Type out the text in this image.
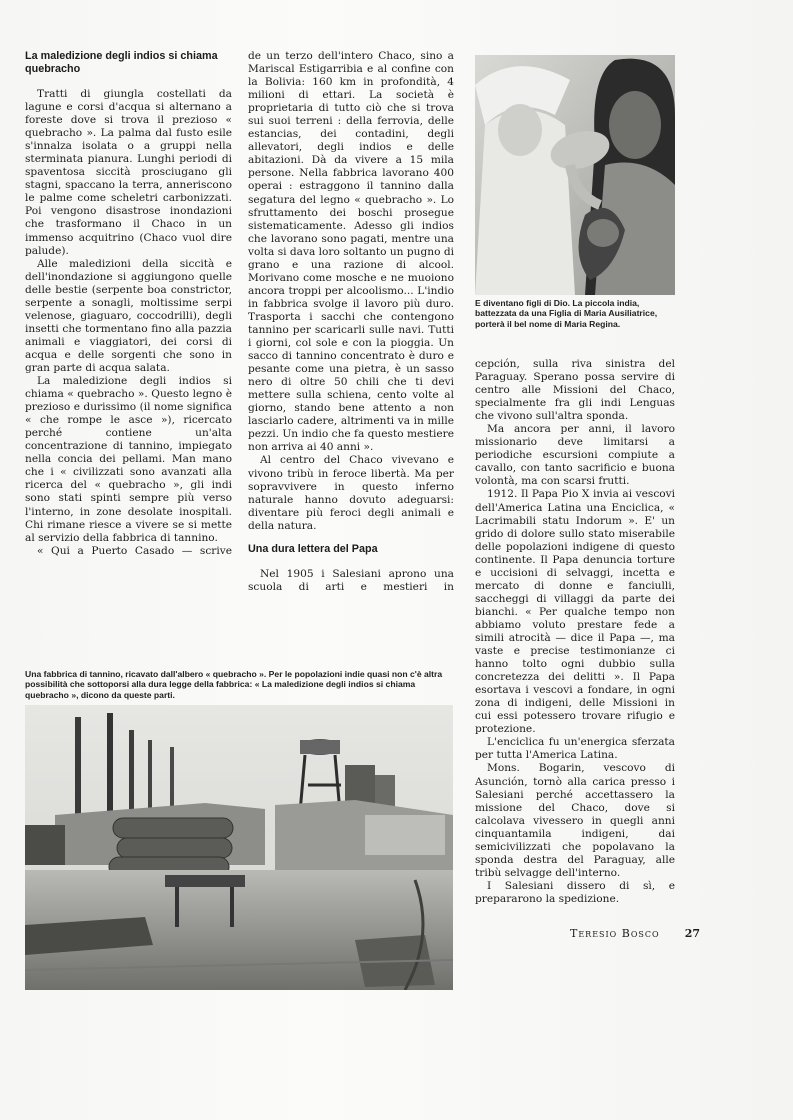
La maledizione degli indios si chiama quebracho

Tratti di giungla costellati da lagune e corsi d'acqua si alternano a foreste dove si trova il prezioso « quebracho ». La palma dal fusto esile s'innalza isolata o a gruppi nella sterminata pianura. Lunghi periodi di spaventosa siccità prosciugano gli stagni, spaccano la terra, anneriscono le palme come scheletri carbonizzati. Poi vengono disastrose inondazioni che trasformano il Chaco in un immenso acquitrino (Chaco vuol dire palude).

Alle maledizioni della siccità e dell'inondazione si aggiungono quelle delle bestie (serpente boa constrictor, serpente a sonagli, moltissime serpi velenose, giaguaro, coccodrilli), degli insetti che tormentano fino alla pazzia animali e viaggiatori, dei corsi di acqua e delle sorgenti che sono in gran parte di acqua salata.

La maledizione degli indios si chiama « quebracho ». Questo legno è prezioso e durissimo (il nome significa « che rompe le asce »), ricercato perché contiene un'alta concentrazione di tannino, impiegato nella concia dei pellami. Man mano che i « civilizzati sono avanzati alla ricerca del « quebracho », gli indi sono stati spinti sempre più verso l'interno, in zone desolate inospitali. Chi rimane riesce a vivere se si mette al servizio della fabbrica di tannino.

« Qui a Puerto Casado — scrive

de un terzo dell'intero Chaco, sino a Mariscal Estigarribia e al confine con la Bolivia: 160 km in profondità, 4 milioni di ettari. La società è proprietaria di tutto ciò che si trova sui suoi terreni : della ferrovia, delle estancias, dei contadini, degli allevatori, degli indios e delle abitazioni. Dà da vivere a 15 mila persone. Nella fabbrica lavorano 400 operai : estraggono il tannino dalla segatura del legno « quebracho ». Lo sfruttamento dei boschi prosegue sistematicamente. Adesso gli indios che lavorano sono pagati, mentre una volta si dava loro soltanto un pugno di grano e una razione di alcool. Morivano come mosche e ne muoiono ancora troppi per alcoolismo... L'indio in fabbrica svolge il lavoro più duro. Trasporta i sacchi che contengono tannino per scaricarli sulle navi. Tutti i giorni, col sole e con la pioggia. Un sacco di tannino concentrato è duro e pesante come una pietra, è un sasso nero di oltre 50 chili che ti devi mettere sulla schiena, cento volte al giorno, stando bene attento a non lasciarlo cadere, altrimenti va in mille pezzi. Un indio che fa questo mestiere non arriva ai 40 anni ».

Al centro del Chaco vivevano e vivono tribù in feroce libertà. Ma per sopravvivere in questo inferno naturale hanno dovuto adeguarsi: diventare più feroci degli animali e della natura.

Una dura lettera del Papa

Nel 1905 i Salesiani aprono una scuola di arti e mestieri in

E diventano figli di Dio. La piccola india, battezzata da una Figlia di Maria Ausiliatrice, porterà il bel nome di Maria Regina.

cepción, sulla riva sinistra del Paraguay. Sperano possa servire di centro alle Missioni del Chaco, specialmente fra gli indi Lenguas che vivono sull'altra sponda.

Ma ancora per anni, il lavoro missionario deve limitarsi a periodiche escursioni compiute a cavallo, con tanto sacrificio e buona volontà, ma con scarsi frutti.

1912. Il Papa Pio X invia ai vescovi dell'America Latina una Enciclica, « Lacrimabili statu Indorum ». E' un grido di dolore sullo stato miserabile delle popolazioni indigene di questo continente. Il Papa denuncia torture e uccisioni di selvaggi, incetta e mercato di donne e fanciulli, saccheggi di villaggi da parte dei bianchi. « Per qualche tempo non abbiamo voluto prestare fede a simili atrocità — dice il Papa —, ma vaste e precise testimonianze ci hanno tolto ogni dubbio sulla concretezza dei delitti ». Il Papa esortava i vescovi a fondare, in ogni zona di indigeni, delle Missioni in cui essi potessero trovare rifugio e protezione.

L'enciclica fu un'energica sferzata per tutta l'America Latina.

Mons. Bogarin, vescovo di Asunción, tornò alla carica presso i Salesiani perché accettassero la missione del Chaco, dove si calcolava vivessero in quegli anni cinquantamila indigeni, dai semicivilizzati che popolavano la sponda destra del Paraguay, alle tribù selvagge dell'interno.

I Salesiani dissero di sì, e prepararono la spedizione.

Una fabbrica di tannino, ricavato dall'albero « quebracho ». Per le popolazioni indie quasi non c'è altra possibilità che sottoporsi alla dura legge della fabbrica: « La maledizione degli indios si chiama quebracho », dicono da queste parti.
Teresio Bosco 27
